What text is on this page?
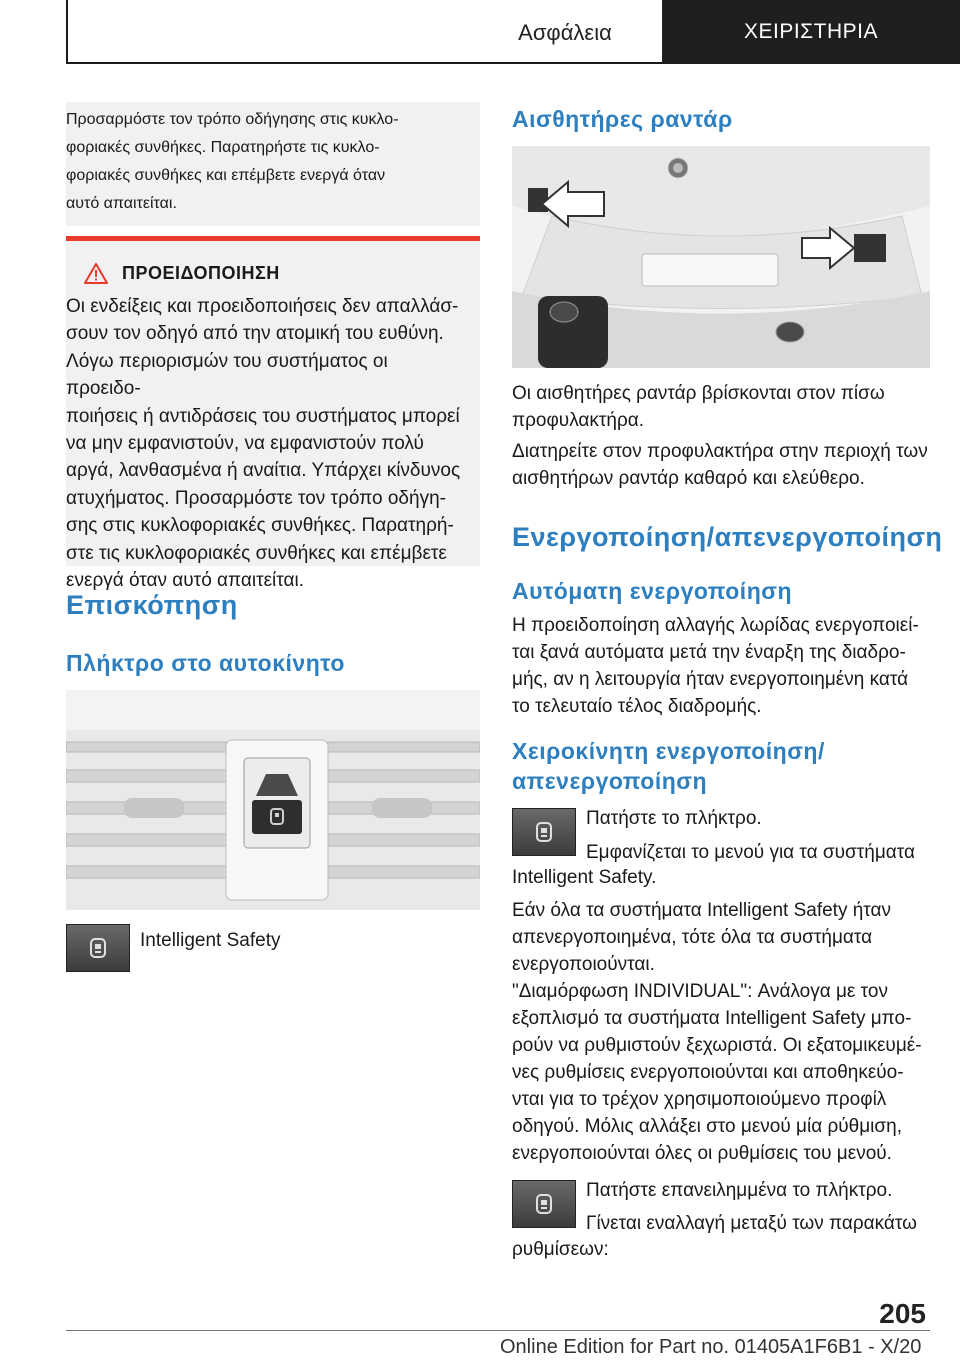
Ασφάλεια	ΧΕΙΡΙΣΤΗΡΙΑ

Προσαρμόστε τον τρόπο οδήγησης στις κυκλο-

φοριακές συνθήκες. Παρατηρήστε τις κυκλο-

φοριακές συνθήκες και επέμβετε ενεργά όταν

αυτό απαιτείται.

ΠΡΟΕΙΔΟΠΟΙΗΣΗ

Οι ενδείξεις και προειδοποιήσεις δεν απαλλάσ-

σουν τον οδηγό από την ατομική του ευθύνη.

Λόγω περιορισμών του συστήματος οι προειδο-

ποιήσεις ή αντιδράσεις του συστήματος μπορεί

να μην εμφανιστούν, να εμφανιστούν πολύ

αργά, λανθασμένα ή αναίτια. Υπάρχει κίνδυνος

ατυχήματος. Προσαρμόστε τον τρόπο οδήγη-

σης στις κυκλοφοριακές συνθήκες. Παρατηρή-

στε τις κυκλοφοριακές συνθήκες και επέμβετε

ενεργά όταν αυτό απαιτείται.

Επισκόπηση
Πλήκτρο στο αυτοκίνητο
Intelligent Safety
Αισθητήρες ραντάρ

Οι αισθητήρες ραντάρ βρίσκονται στον πίσω

προφυλακτήρα.

Διατηρείτε στον προφυλακτήρα στην περιοχή των

αισθητήρων ραντάρ καθαρό και ελεύθερο.

Ενεργοποίηση/απενεργοποίηση
Αυτόματη ενεργοποίηση

Η προειδοποίηση αλλαγής λωρίδας ενεργοποιεί-

ται ξανά αυτόματα μετά την έναρξη της διαδρο-

μής, αν η λειτουργία ήταν ενεργοποιημένη κατά

το τελευταίο τέλος διαδρομής.

Χειροκίνητη ενεργοποίηση/
απενεργοποίηση
Πατήστε το πλήκτρο.
Εμφανίζεται το μενού για τα συστήματα
Intelligent Safety.

Εάν όλα τα συστήματα Intelligent Safety ήταν

απενεργοποιημένα, τότε όλα τα συστήματα

ενεργοποιούνται.

"Διαμόρφωση INDIVIDUAL": Ανάλογα με τον

εξοπλισμό τα συστήματα Intelligent Safety μπο-

ρούν να ρυθμιστούν ξεχωριστά. Οι εξατομικευμέ-

νες ρυθμίσεις ενεργοποιούνται και αποθηκεύο-

νται για το τρέχον χρησιμοποιούμενο προφίλ

οδηγού. Μόλις αλλάξει στο μενού μία ρύθμιση,

ενεργοποιούνται όλες οι ρυθμίσεις του μενού.

Πατήστε επανειλημμένα το πλήκτρο.
Γίνεται εναλλαγή μεταξύ των παρακάτω
ρυθμίσεων:
205
Online Edition for Part no. 01405A1F6B1 - X/20
